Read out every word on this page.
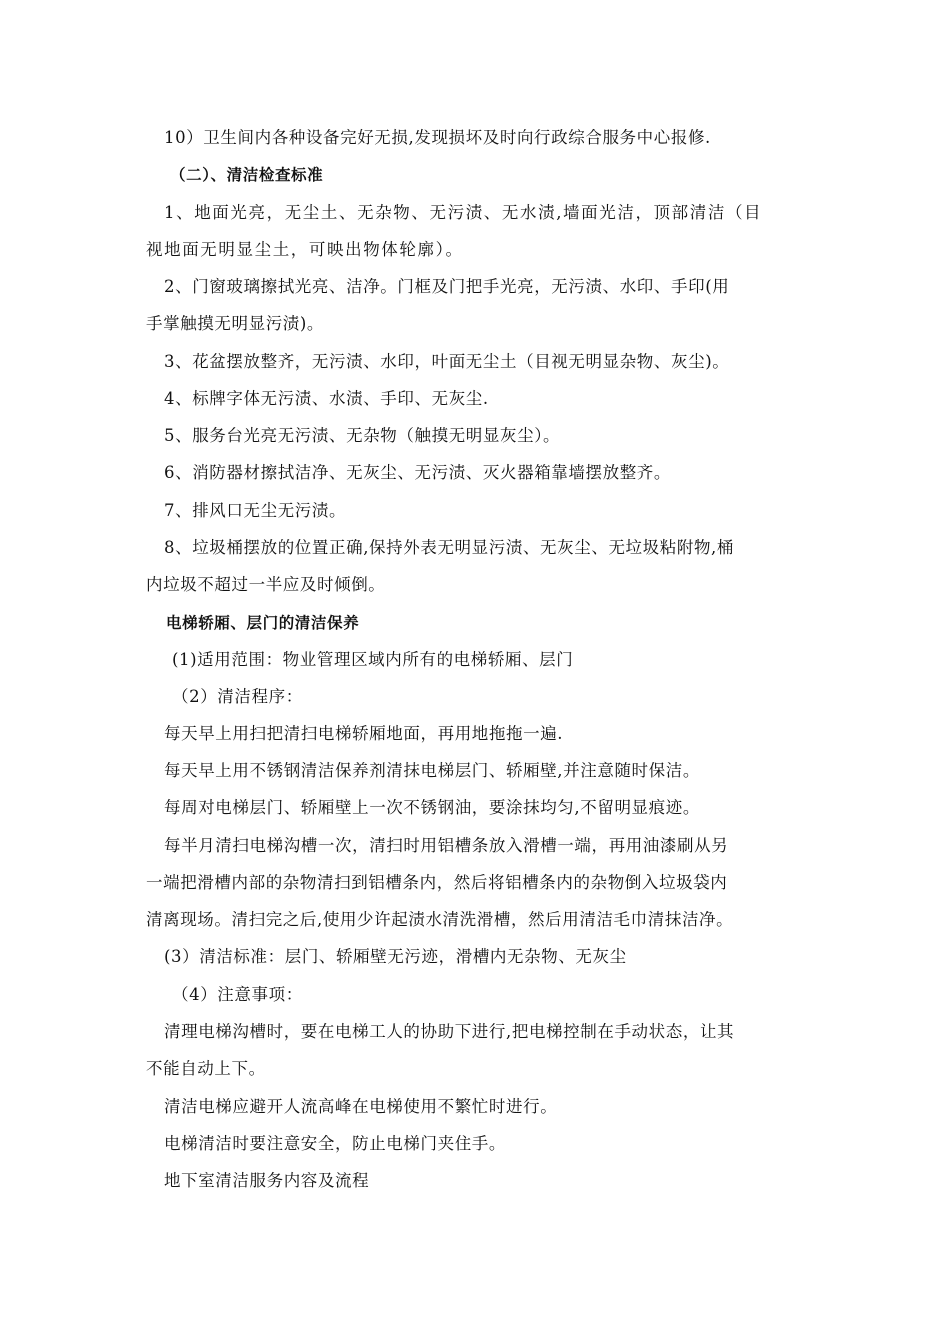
10）卫生间内各种设备完好无损,发现损坏及时向行政综合服务中心报修.

（二）、清洁检查标准

1、地面光亮，无尘土、无杂物、无污渍、无水渍,墙面光洁，顶部清洁（目

视地面无明显尘土，可映出物体轮廓）。

2、门窗玻璃擦拭光亮、洁净。门框及门把手光亮，无污渍、水印、手印(用

手掌触摸无明显污渍)。

3、花盆摆放整齐，无污渍、水印，叶面无尘土（目视无明显杂物、灰尘)。

4、标牌字体无污渍、水渍、手印、无灰尘.

5、服务台光亮无污渍、无杂物（触摸无明显灰尘）。

6、消防器材擦拭洁净、无灰尘、无污渍、灭火器箱靠墙摆放整齐。

7、排风口无尘无污渍。

8、垃圾桶摆放的位置正确,保持外表无明显污渍、无灰尘、无垃圾粘附物,桶

内垃圾不超过一半应及时倾倒。

电梯轿厢、层门的清洁保养

(1)适用范围：物业管理区域内所有的电梯轿厢、层门

（2）清洁程序：

每天早上用扫把清扫电梯轿厢地面，再用地拖拖一遍.

每天早上用不锈钢清洁保养剂清抹电梯层门、轿厢壁,并注意随时保洁。

每周对电梯层门、轿厢壁上一次不锈钢油，要涂抹均匀,不留明显痕迹。

每半月清扫电梯沟槽一次，清扫时用铝槽条放入滑槽一端，再用油漆刷从另

一端把滑槽内部的杂物清扫到铝槽条内，然后将铝槽条内的杂物倒入垃圾袋内

清离现场。清扫完之后,使用少许起渍水清洗滑槽，然后用清洁毛巾清抹洁净。

(3）清洁标准：层门、轿厢壁无污迹，滑槽内无杂物、无灰尘

（4）注意事项：

清理电梯沟槽时，要在电梯工人的协助下进行,把电梯控制在手动状态，让其

不能自动上下。

清洁电梯应避开人流高峰在电梯使用不繁忙时进行。

电梯清洁时要注意安全，防止电梯门夹住手。

地下室清洁服务内容及流程
